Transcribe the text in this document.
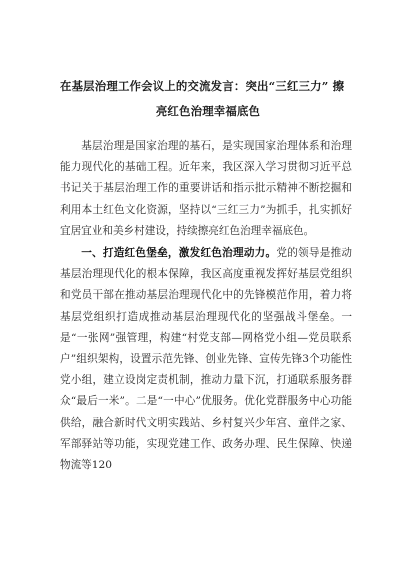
在基层治理工作会议上的交流发言：突出“三红三力” 擦
亮红色治理幸福底色

基层治理是国家治理的基石，是实现国家治理体系和治理能力现代化的基础工程。近年来，我区深入学习贯彻习近平总书记关于基层治理工作的重要讲话和指示批示精神不断挖掘和利用本土红色文化资源，坚持以“三红三力”为抓手，扎实抓好宜居宜业和美乡村建设，持续擦亮红色治理幸福底色。

一、打造红色堡垒，激发红色治理动力。党的领导是推动基层治理现代化的根本保障，我区高度重视发挥好基层党组织和党员干部在推动基层治理现代化中的先锋模范作用，着力将基层党组织打造成推动基层治理现代化的坚强战斗堡垒。一是“一张网”强管理，构建“村党支部—网格党小组—党员联系户”组织架构，设置示范先锋、创业先锋、宣传先锋3个功能性党小组，建立设岗定责机制，推动力量下沉，打通联系服务群众“最后一米”。二是“一中心”优服务。优化党群服务中心功能供给，融合新时代文明实践站、乡村复兴少年宫、童伴之家、军部驿站等功能，实现党建工作、政务办理、民生保障、快递物流等120
